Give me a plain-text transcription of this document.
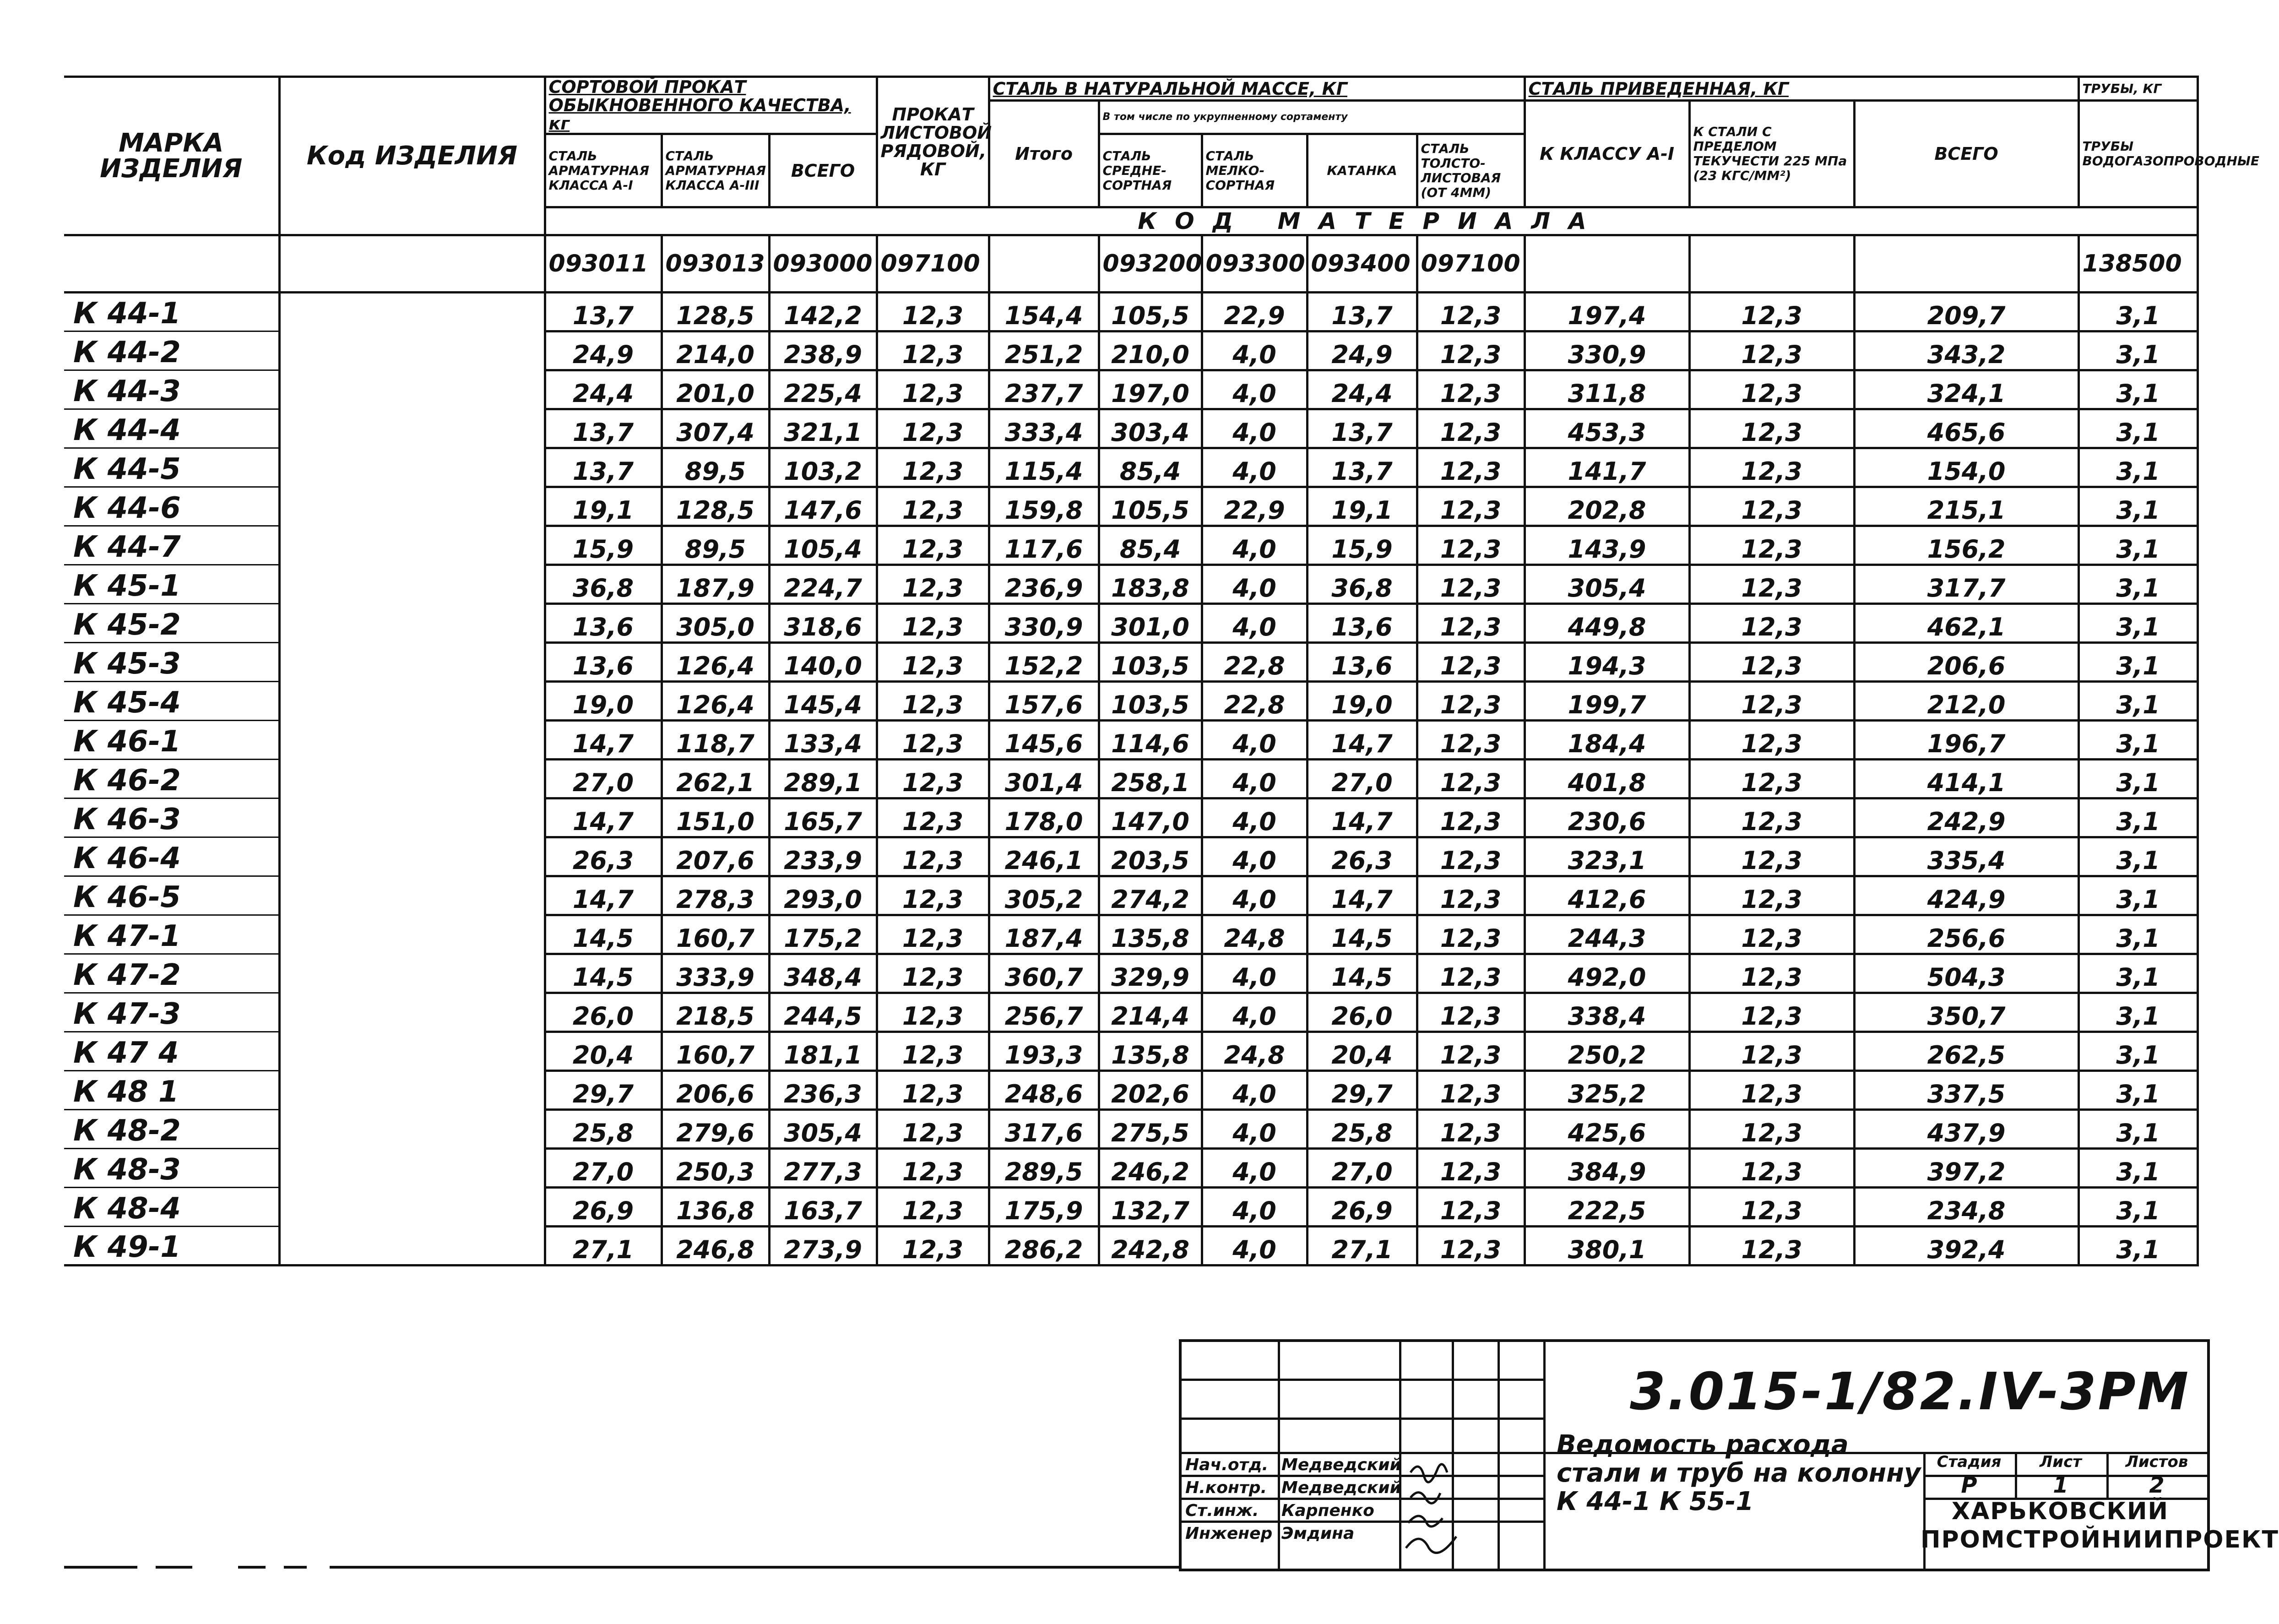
МАРКА ИЗДЕЛИЯ	Код ИЗДЕЛИЯ	СОРТОВОЙ ПРОКАТ ОБЫКНОВЕННОГО КАЧЕСТВА, кг			ПРОКАТ ЛИСТОВОЙ РЯДОВОЙ, КГ	СТАЛЬ В НАТУРАЛЬНОЙ МАССЕ, КГ					СТАЛЬ ПРИВЕДЕННАЯ, КГ			ТРУБЫ, КГ
						Итого	В том числе по укрупненному сортаменту				К КЛАССУ A-I	К СТАЛИ С ПРЕДЕЛОМ ТЕКУЧЕСТИ 225 МПа (23 КГС/ММ²)	ВСЕГО	ТРУБЫ ВОДОГАЗОПРОВОДНЫЕ
		СТАЛЬ АРМАТУРНАЯ КЛАССА A-I	СТАЛЬ АРМАТУРНАЯ КЛАССА A-III	ВСЕГО			СТАЛЬ СРЕДНЕ-СОРТНАЯ	СТАЛЬ МЕЛКО-СОРТНАЯ	КАТАНКА	СТАЛЬ ТОЛСТО-ЛИСТОВАЯ (ОТ 4ММ)				
		КОД МАТЕРИАЛА												
		093011	093013	093000	097100		093200	093300	093400	097100				138500
К 44-1		13,7	128,5	142,2	12,3	154,4	105,5	22,9	13,7	12,3	197,4	12,3	209,7	3,1
К 44-2		24,9	214,0	238,9	12,3	251,2	210,0	4,0	24,9	12,3	330,9	12,3	343,2	3,1
К 44-3		24,4	201,0	225,4	12,3	237,7	197,0	4,0	24,4	12,3	311,8	12,3	324,1	3,1
К 44-4		13,7	307,4	321,1	12,3	333,4	303,4	4,0	13,7	12,3	453,3	12,3	465,6	3,1
К 44-5		13,7	89,5	103,2	12,3	115,4	85,4	4,0	13,7	12,3	141,7	12,3	154,0	3,1
К 44-6		19,1	128,5	147,6	12,3	159,8	105,5	22,9	19,1	12,3	202,8	12,3	215,1	3,1
К 44-7		15,9	89,5	105,4	12,3	117,6	85,4	4,0	15,9	12,3	143,9	12,3	156,2	3,1
К 45-1		36,8	187,9	224,7	12,3	236,9	183,8	4,0	36,8	12,3	305,4	12,3	317,7	3,1
К 45-2		13,6	305,0	318,6	12,3	330,9	301,0	4,0	13,6	12,3	449,8	12,3	462,1	3,1
К 45-3		13,6	126,4	140,0	12,3	152,2	103,5	22,8	13,6	12,3	194,3	12,3	206,6	3,1
К 45-4		19,0	126,4	145,4	12,3	157,6	103,5	22,8	19,0	12,3	199,7	12,3	212,0	3,1
К 46-1		14,7	118,7	133,4	12,3	145,6	114,6	4,0	14,7	12,3	184,4	12,3	196,7	3,1
К 46-2		27,0	262,1	289,1	12,3	301,4	258,1	4,0	27,0	12,3	401,8	12,3	414,1	3,1
К 46-3		14,7	151,0	165,7	12,3	178,0	147,0	4,0	14,7	12,3	230,6	12,3	242,9	3,1
К 46-4		26,3	207,6	233,9	12,3	246,1	203,5	4,0	26,3	12,3	323,1	12,3	335,4	3,1
К 46-5		14,7	278,3	293,0	12,3	305,2	274,2	4,0	14,7	12,3	412,6	12,3	424,9	3,1
К 47-1		14,5	160,7	175,2	12,3	187,4	135,8	24,8	14,5	12,3	244,3	12,3	256,6	3,1
К 47-2		14,5	333,9	348,4	12,3	360,7	329,9	4,0	14,5	12,3	492,0	12,3	504,3	3,1
К 47-3		26,0	218,5	244,5	12,3	256,7	214,4	4,0	26,0	12,3	338,4	12,3	350,7	3,1
К 47 4		20,4	160,7	181,1	12,3	193,3	135,8	24,8	20,4	12,3	250,2	12,3	262,5	3,1
К 48 1		29,7	206,6	236,3	12,3	248,6	202,6	4,0	29,7	12,3	325,2	12,3	337,5	3,1
К 48-2		25,8	279,6	305,4	12,3	317,6	275,5	4,0	25,8	12,3	425,6	12,3	437,9	3,1
К 48-3		27,0	250,3	277,3	12,3	289,5	246,2	4,0	27,0	12,3	384,9	12,3	397,2	3,1
К 48-4		26,9	136,8	163,7	12,3	175,9	132,7	4,0	26,9	12,3	222,5	12,3	234,8	3,1
К 49-1		27,1	246,8	273,9	12,3	286,2	242,8	4,0	27,1	12,3	380,1	12,3	392,4	3,1
Нач.отд. Медведский
Н.контр. Медведский
Ст.инж. Карпенко
Инженер Эмдина
Стадия	Лист	Листов
Р	1	2
3.015-1/82.IV-3РМ
Ведомость расхода стали и труб на колонну К 44-1 К 55-1	ХАРЬКОВСКИЙ ПРОМСТРОЙНИИПРОЕКТ
